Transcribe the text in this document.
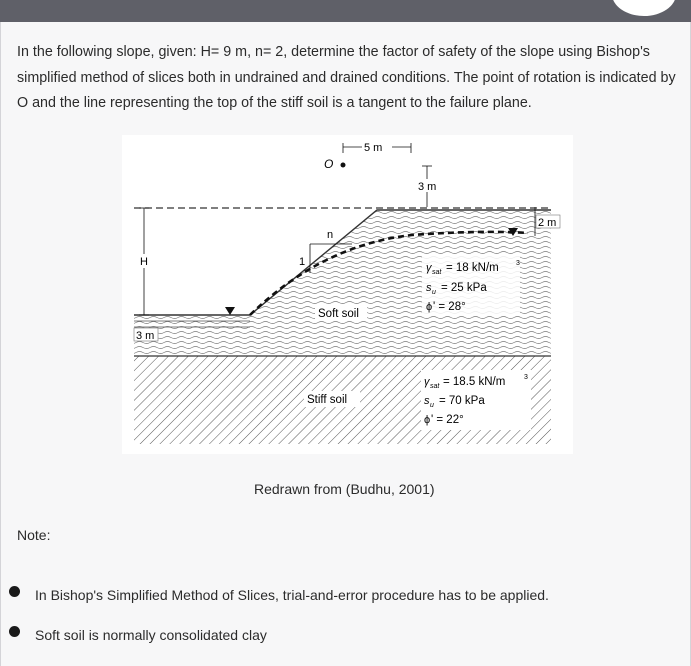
In the following slope, given: H= 9 m, n= 2, determine the factor of safety of the slope using Bishop's simplified method of slices both in undrained and drained conditions. The point of rotation is indicated by O and the line representing the top of the stiff soil is a tangent to the failure plane.

O
5 m
3 m
2 m
H
3 m
n
1
Soft soil
γ sat = 18 kN/m 3
s u = 25 kPa
ϕ ' = 28°
Stiff soil
γ sat = 18.5 kN/m	3
s u = 70 kPa
ϕ ' = 22°
Redrawn from (Budhu, 2001)
Note:
In Bishop's Simplified Method of Slices, trial-and-error procedure has to be applied.
Soft soil is normally consolidated clay
